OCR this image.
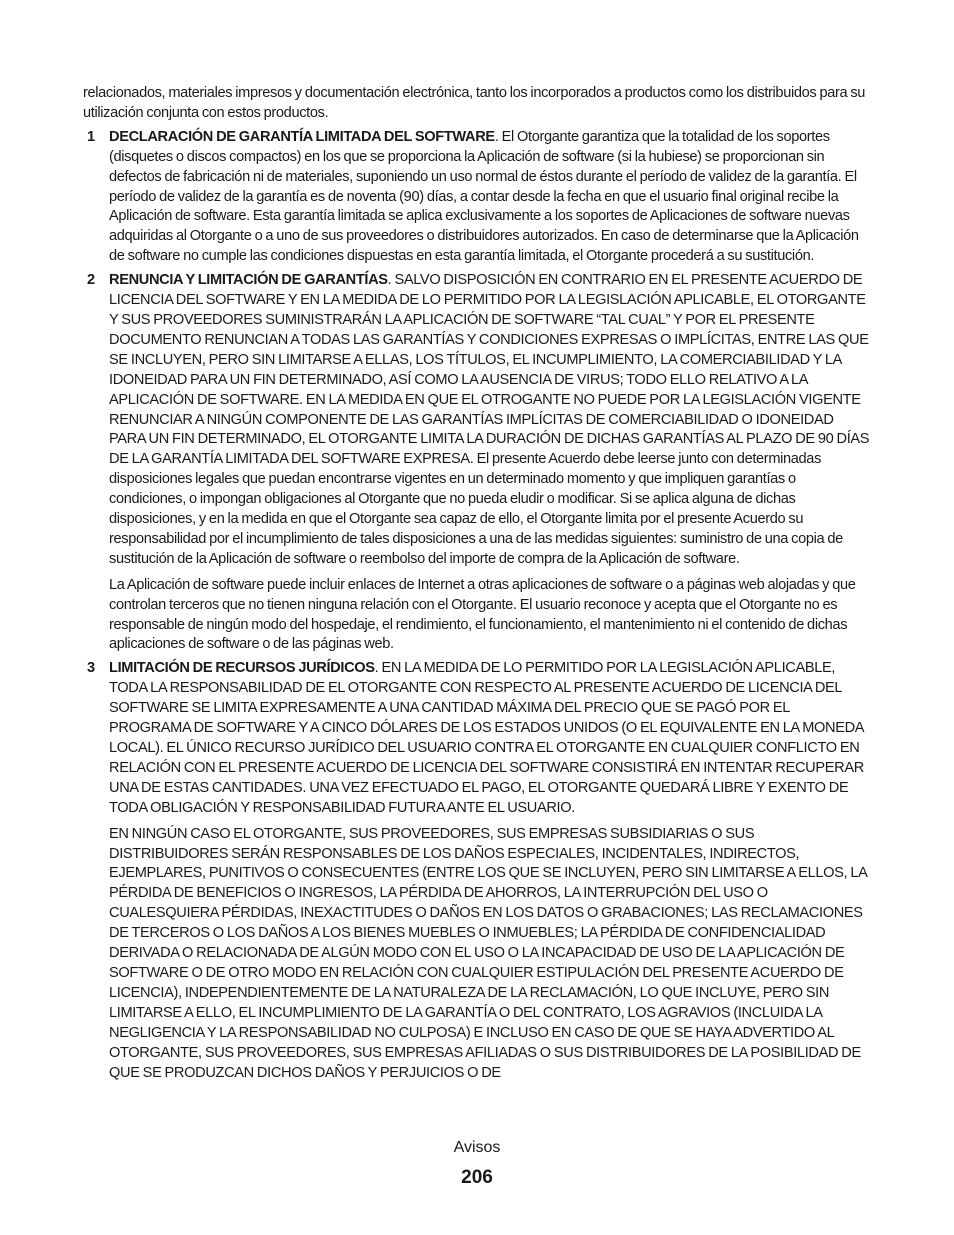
relacionados, materiales impresos y documentación electrónica, tanto los incorporados a productos como los distribuidos para su utilización conjunta con estos productos.

1 DECLARACIÓN DE GARANTÍA LIMITADA DEL SOFTWARE. El Otorgante garantiza que la totalidad de los soportes (disquetes o discos compactos) en los que se proporciona la Aplicación de software (si la hubiese) se proporcionan sin defectos de fabricación ni de materiales, suponiendo un uso normal de éstos durante el período de validez de la garantía. El período de validez de la garantía es de noventa (90) días, a contar desde la fecha en que el usuario final original recibe la Aplicación de software. Esta garantía limitada se aplica exclusivamente a los soportes de Aplicaciones de software nuevas adquiridas al Otorgante o a uno de sus proveedores o distribuidores autorizados. En caso de determinarse que la Aplicación de software no cumple las condiciones dispuestas en esta garantía limitada, el Otorgante procederá a su sustitución.
2 RENUNCIA Y LIMITACIÓN DE GARANTÍAS. SALVO DISPOSICIÓN EN CONTRARIO EN EL PRESENTE ACUERDO DE LICENCIA DEL SOFTWARE Y EN LA MEDIDA DE LO PERMITIDO POR LA LEGISLACIÓN APLICABLE, EL OTORGANTE Y SUS PROVEEDORES SUMINISTRARÁN LA APLICACIÓN DE SOFTWARE “TAL CUAL” Y POR EL PRESENTE DOCUMENTO RENUNCIAN A TODAS LAS GARANTÍAS Y CONDICIONES EXPRESAS O IMPLÍCITAS, ENTRE LAS QUE SE INCLUYEN, PERO SIN LIMITARSE A ELLAS, LOS TÍTULOS, EL INCUMPLIMIENTO, LA COMERCIABILIDAD Y LA IDONEIDAD PARA UN FIN DETERMINADO, ASÍ COMO LA AUSENCIA DE VIRUS; TODO ELLO RELATIVO A LA APLICACIÓN DE SOFTWARE. EN LA MEDIDA EN QUE EL OTROGANTE NO PUEDE POR LA LEGISLACIÓN VIGENTE RENUNCIAR A NINGÚN COMPONENTE DE LAS GARANTÍAS IMPLÍCITAS DE COMERCIABILIDAD O IDONEIDAD PARA UN FIN DETERMINADO, EL OTORGANTE LIMITA LA DURACIÓN DE DICHAS GARANTÍAS AL PLAZO DE 90 DÍAS DE LA GARANTÍA LIMITADA DEL SOFTWARE EXPRESA. El presente Acuerdo debe leerse junto con determinadas disposiciones legales que puedan encontrarse vigentes en un determinado momento y que impliquen garantías o condiciones, o impongan obligaciones al Otorgante que no pueda eludir o modificar. Si se aplica alguna de dichas disposiciones, y en la medida en que el Otorgante sea capaz de ello, el Otorgante limita por el presente Acuerdo su responsabilidad por el incumplimiento de tales disposiciones a una de las medidas siguientes: suministro de una copia de sustitución de la Aplicación de software o reembolso del importe de compra de la Aplicación de software.

La Aplicación de software puede incluir enlaces de Internet a otras aplicaciones de software o a páginas web alojadas y que controlan terceros que no tienen ninguna relación con el Otorgante. El usuario reconoce y acepta que el Otorgante no es responsable de ningún modo del hospedaje, el rendimiento, el funcionamiento, el mantenimiento ni el contenido de dichas aplicaciones de software o de las páginas web.

3 LIMITACIÓN DE RECURSOS JURÍDICOS. EN LA MEDIDA DE LO PERMITIDO POR LA LEGISLACIÓN APLICABLE, TODA LA RESPONSABILIDAD DE EL OTORGANTE CON RESPECTO AL PRESENTE ACUERDO DE LICENCIA DEL SOFTWARE SE LIMITA EXPRESAMENTE A UNA CANTIDAD MÁXIMA DEL PRECIO QUE SE PAGÓ POR EL PROGRAMA DE SOFTWARE Y A CINCO DÓLARES DE LOS ESTADOS UNIDOS (O EL EQUIVALENTE EN LA MONEDA LOCAL). EL ÚNICO RECURSO JURÍDICO DEL USUARIO CONTRA EL OTORGANTE EN CUALQUIER CONFLICTO EN RELACIÓN CON EL PRESENTE ACUERDO DE LICENCIA DEL SOFTWARE CONSISTIRÁ EN INTENTAR RECUPERAR UNA DE ESTAS CANTIDADES. UNA VEZ EFECTUADO EL PAGO, EL OTORGANTE QUEDARÁ LIBRE Y EXENTO DE TODA OBLIGACIÓN Y RESPONSABILIDAD FUTURA ANTE EL USUARIO.

EN NINGÚN CASO EL OTORGANTE, SUS PROVEEDORES, SUS EMPRESAS SUBSIDIARIAS O SUS DISTRIBUIDORES SERÁN RESPONSABLES DE LOS DAÑOS ESPECIALES, INCIDENTALES, INDIRECTOS, EJEMPLARES, PUNITIVOS O CONSECUENTES (ENTRE LOS QUE SE INCLUYEN, PERO SIN LIMITARSE A ELLOS, LA PÉRDIDA DE BENEFICIOS O INGRESOS, LA PÉRDIDA DE AHORROS, LA INTERRUPCIÓN DEL USO O CUALESQUIERA PÉRDIDAS, INEXACTITUDES O DAÑOS EN LOS DATOS O GRABACIONES; LAS RECLAMACIONES DE TERCEROS O LOS DAÑOS A LOS BIENES MUEBLES O INMUEBLES; LA PÉRDIDA DE CONFIDENCIALIDAD DERIVADA O RELACIONADA DE ALGÚN MODO CON EL USO O LA INCAPACIDAD DE USO DE LA APLICACIÓN DE SOFTWARE O DE OTRO MODO EN RELACIÓN CON CUALQUIER ESTIPULACIÓN DEL PRESENTE ACUERDO DE LICENCIA), INDEPENDIENTEMENTE DE LA NATURALEZA DE LA RECLAMACIÓN, LO QUE INCLUYE, PERO SIN LIMITARSE A ELLO, EL INCUMPLIMIENTO DE LA GARANTÍA O DEL CONTRATO, LOS AGRAVIOS (INCLUIDA LA NEGLIGENCIA Y LA RESPONSABILIDAD NO CULPOSA) E INCLUSO EN CASO DE QUE SE HAYA ADVERTIDO AL OTORGANTE, SUS PROVEEDORES, SUS EMPRESAS AFILIADAS O SUS DISTRIBUIDORES DE LA POSIBILIDAD DE QUE SE PRODUZCAN DICHOS DAÑOS Y PERJUICIOS O DE

Avisos
206
